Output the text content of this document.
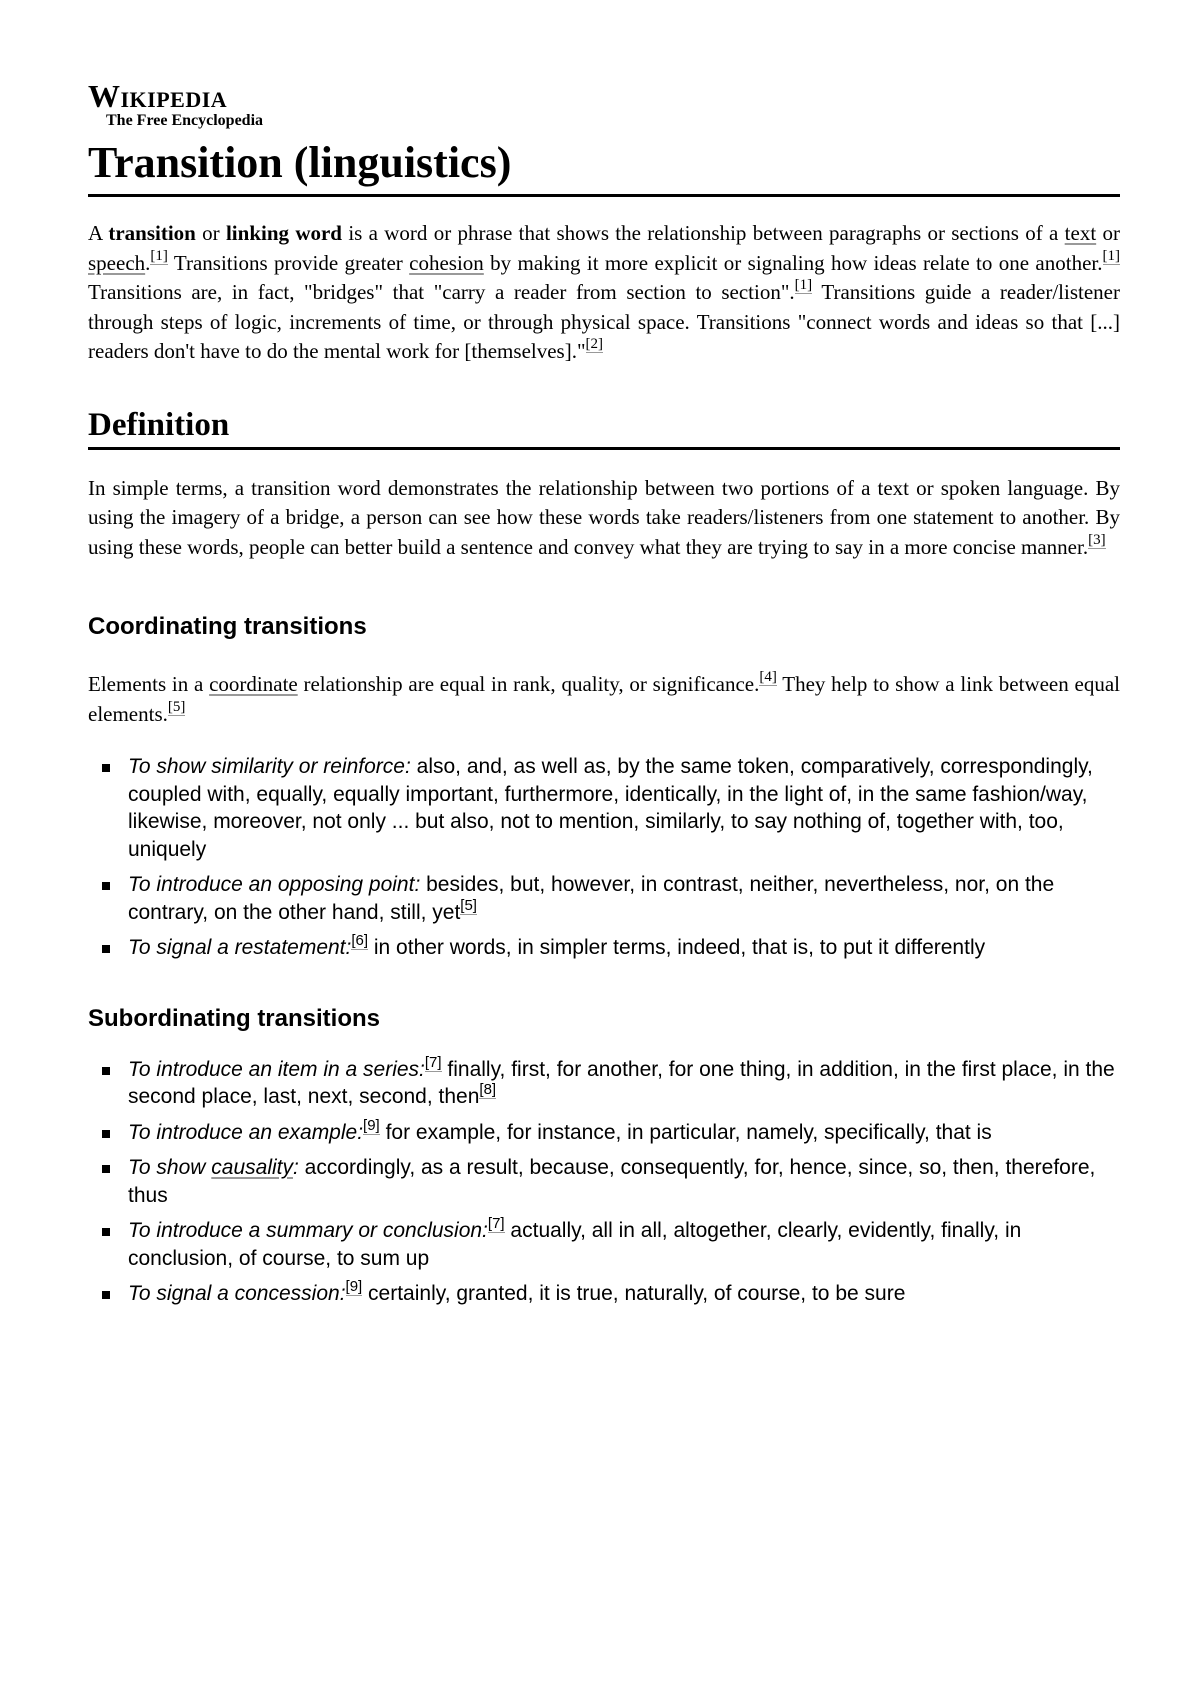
Wikipedia
The Free Encyclopedia
Transition (linguistics)

A transition or linking word is a word or phrase that shows the relationship between paragraphs or sections of a text or speech.[1] Transitions provide greater cohesion by making it more explicit or signaling how ideas relate to one another.[1] Transitions are, in fact, "bridges" that "carry a reader from section to section".[1] Transitions guide a reader/listener through steps of logic, increments of time, or through physical space. Transitions "connect words and ideas so that [...] readers don't have to do the mental work for [themselves]."[2]

Definition

In simple terms, a transition word demonstrates the relationship between two portions of a text or spoken language. By using the imagery of a bridge, a person can see how these words take readers/listeners from one statement to another. By using these words, people can better build a sentence and convey what they are trying to say in a more concise manner.[3]

Coordinating transitions

Elements in a coordinate relationship are equal in rank, quality, or significance.[4] They help to show a link between equal elements.[5]

To show similarity or reinforce: also, and, as well as, by the same token, comparatively, correspondingly, coupled with, equally, equally important, furthermore, identically, in the light of, in the same fashion/way, likewise, moreover, not only ... but also, not to mention, similarly, to say nothing of, together with, too, uniquely
To introduce an opposing point: besides, but, however, in contrast, neither, nevertheless, nor, on the contrary, on the other hand, still, yet[5]
To signal a restatement:[6] in other words, in simpler terms, indeed, that is, to put it differently
Subordinating transitions
To introduce an item in a series:[7] finally, first, for another, for one thing, in addition, in the first place, in the second place, last, next, second, then[8]
To introduce an example:[9] for example, for instance, in particular, namely, specifically, that is
To show causality: accordingly, as a result, because, consequently, for, hence, since, so, then, therefore, thus
To introduce a summary or conclusion:[7] actually, all in all, altogether, clearly, evidently, finally, in conclusion, of course, to sum up
To signal a concession:[9] certainly, granted, it is true, naturally, of course, to be sure
